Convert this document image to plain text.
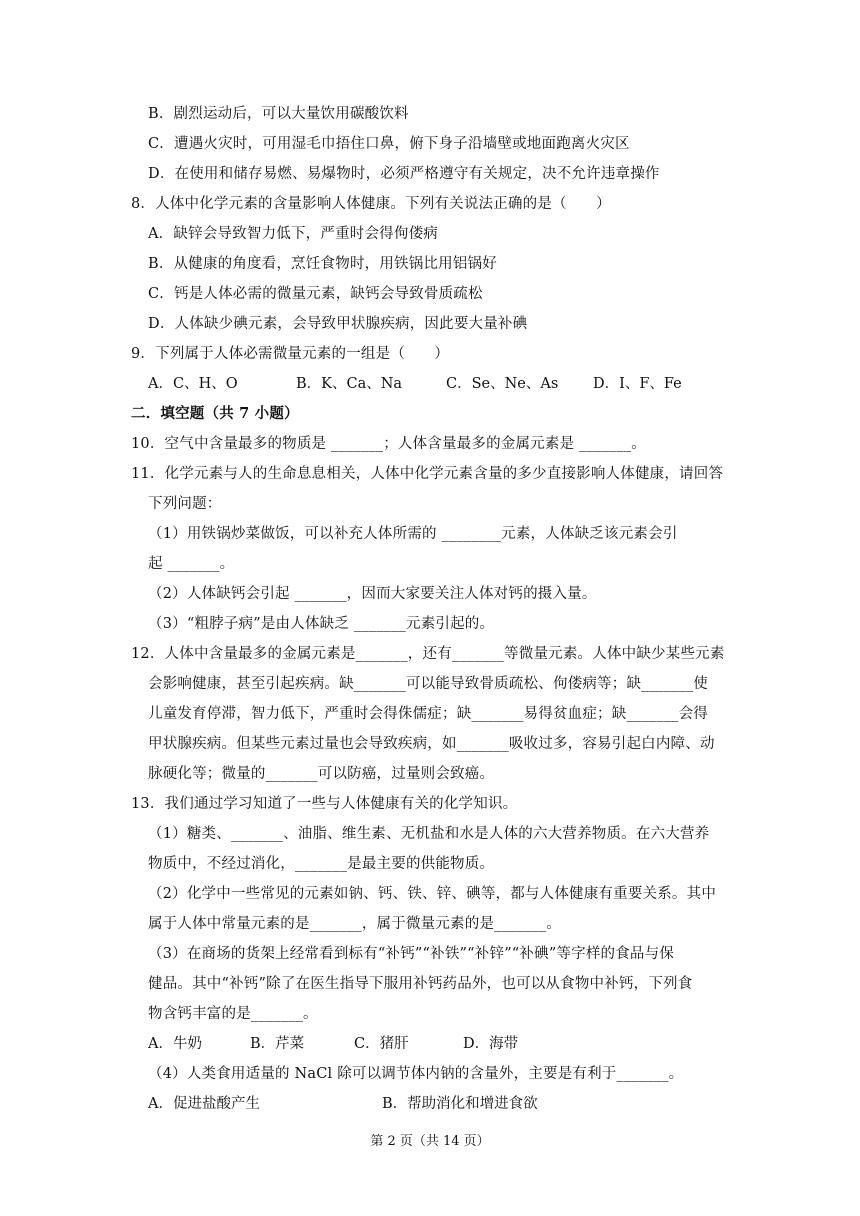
B．剧烈运动后，可以大量饮用碳酸饮料
C．遭遇火灾时，可用湿毛巾捂住口鼻，俯下身子沿墙壁或地面跑离火灾区
D．在使用和储存易燃、易爆物时，必须严格遵守有关规定，决不允许违章操作
8．人体中化学元素的含量影响人体健康。下列有关说法正确的是（　　）
A．缺锌会导致智力低下，严重时会得佝偻病
B．从健康的角度看，烹饪食物时，用铁锅比用铝锅好
C．钙是人体必需的微量元素，缺钙会导致骨质疏松
D．人体缺少碘元素，会导致甲状腺疾病，因此要大量补碘
9．下列属于人体必需微量元素的一组是（　　）
A．C、H、O	B．K、Ca、Na	C．Se、Ne、As D．I、F、Fe
二．填空题（共 7 小题）
10．空气中含量最多的物质是 _______；人体含量最多的金属元素是 _______。
11．化学元素与人的生命息息相关，人体中化学元素含量的多少直接影响人体健康，请回答
下列问题：
（1）用铁锅炒菜做饭，可以补充人体所需的 ________元素，人体缺乏该元素会引
起 _______。
（2）人体缺钙会引起 _______，因而大家要关注人体对钙的摄入量。
（3）“粗脖子病”是由人体缺乏 _______元素引起的。
12．人体中含量最多的金属元素是_______，还有_______等微量元素。人体中缺少某些元素
会影响健康，甚至引起疾病。缺_______可以能导致骨质疏松、佝偻病等；缺_______使
儿童发育停滞，智力低下，严重时会得侏儒症；缺_______易得贫血症；缺_______会得
甲状腺疾病。但某些元素过量也会导致疾病，如_______吸收过多，容易引起白内障、动
脉硬化等；微量的_______可以防癌，过量则会致癌。
13．我们通过学习知道了一些与人体健康有关的化学知识。
（1）糖类、_______、油脂、维生素、无机盐和水是人体的六大营养物质。在六大营养
物质中，不经过消化，_______是最主要的供能物质。
（2）化学中一些常见的元素如钠、钙、铁、锌、碘等，都与人体健康有重要关系。其中
属于人体中常量元素的是_______，属于微量元素的是_______。
（3）在商场的货架上经常看到标有“补钙”“补铁”“补锌”“补碘”等字样的食品与保
健品。其中“补钙”除了在医生指导下服用补钙药品外，也可以从食物中补钙，下列食
物含钙丰富的是_______。
A．牛奶	B．芹菜	C．猪肝	D．海带
（4）人类食用适量的 NaCl 除可以调节体内钠的含量外，主要是有利于_______。
A．促进盐酸产生	B．帮助消化和增进食欲
第 2 页（共 14 页）
